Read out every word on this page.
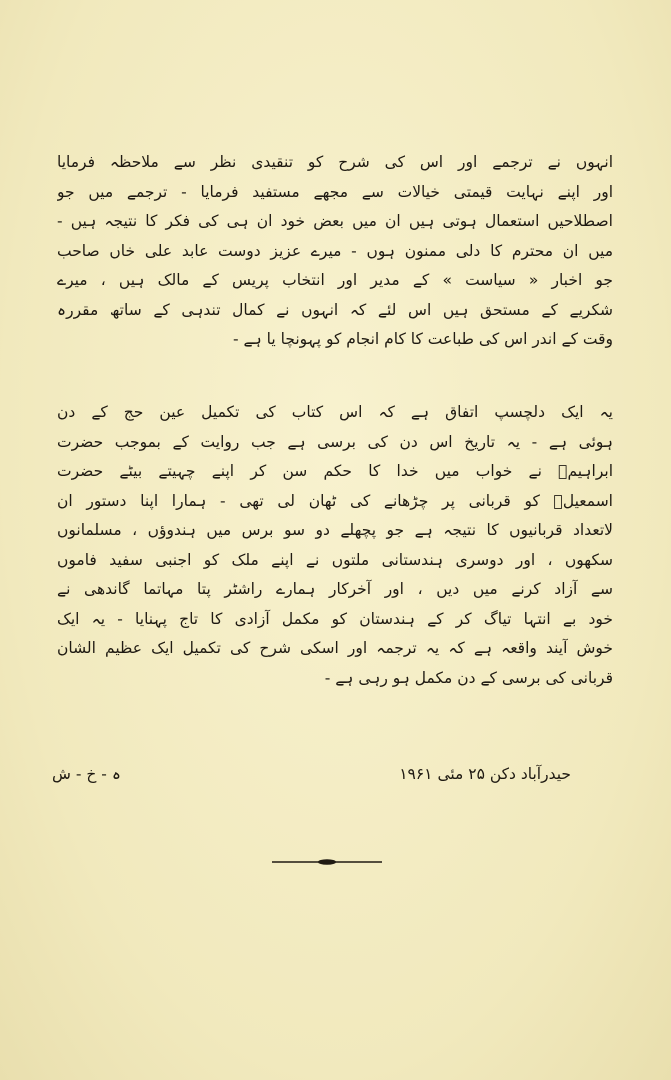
انہوں نے ترجمے اور اس کی شرح کو تنقیدی نظر سے ملاحظہ فرمایا
اور اپنے نہایت قیمتی خیالات سے مجھے مستفید فرمایا - ترجمے میں جو
اصطلاحیں استعمال ہوتی ہیں ان میں بعض خود ان ہی کی فکر کا نتیجہ ہیں -
میں ان محترم کا دلی ممنون ہوں - میرے عزیز دوست عابد علی خاں صاحب
جو اخبار « سیاست » کے مدیر اور انتخاب پریس کے مالک ہیں ، میرے
شکریے کے مستحق ہیں اس لئے کہ انہوں نے کمال تندہی کے ساتھ مقررہ
وقت کے اندر اس کی طباعت کا کام انجام کو پہونچا یا ہے -
یہ ایک دلچسپ اتفاق ہے کہ اس کتاب کی تکمیل عین حج کے دن
ہوئی ہے - یہ تاریخ اس دن کی برسی ہے جب روایت کے بموجب حضرت
ابراہیمؑ نے خواب میں خدا کا حکم سن کر اپنے چہیتے بیٹے حضرت
اسمعیلؑ کو قربانی پر چڑھانے کی ٹھان لی تھی - ہمارا اپنا دستور ان
لاتعداد قربانیوں کا نتیجہ ہے جو پچھلے دو سو برس میں ہندوؤں ، مسلمانوں
سکھوں ، اور دوسری ہندستانی ملتوں نے اپنے ملک کو اجنبی سفید فاموں
سے آزاد کرنے میں دیں ، اور آخرکار ہمارے راشٹر پتا مہاتما گاندھی نے
خود بے انتہا تیاگ کر کے ہندستان کو مکمل آزادی کا تاج پہنایا - یہ ایک
خوش آیند واقعہ ہے کہ یہ ترجمہ اور اسکی شرح کی تکمیل ایک عظیم الشان
قربانی کی برسی کے دن مکمل ہو رہی ہے -
حیدرآباد دکن ۲۵ مئی ۱۹۶۱
ہ - خ - ش
